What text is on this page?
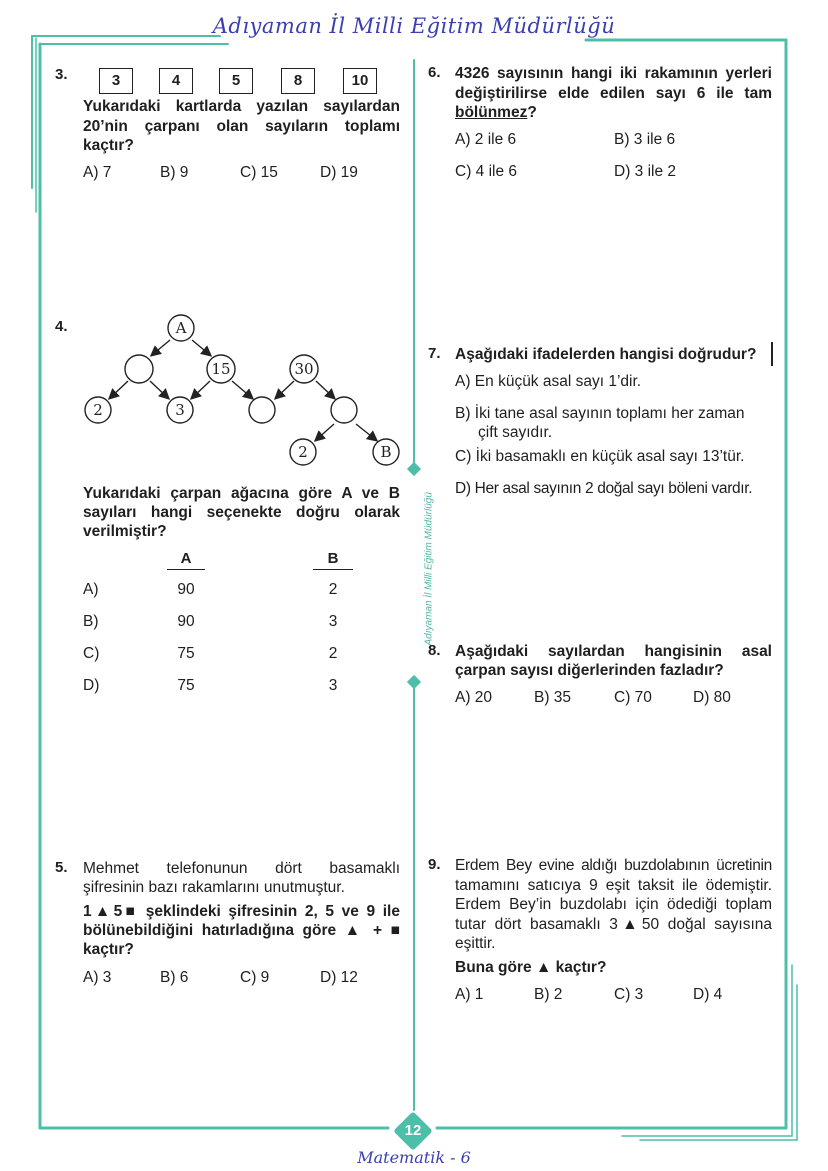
Adıyaman İl Milli Eğitim Müdürlüğü
Adıyaman İl Milli Eğitim Müdürlüğü
3.	3	4	5	8	10
Yukarıdaki kartlarda yazılan sayılardan
20’nin çarpanı olan sayıların toplamı
kaçtır?
A) 7	B) 9	C) 15	D) 19
4.	A
15	30
2	3
2	B
Yukarıdaki çarpan ağacına göre A ve B
sayıları hangi seçenekte doğru olarak
verilmiştir?
A	B
A)	90	2
B)	90	3
C)	75	2
D)	75	3
5. Mehmet telefonunun dört basamaklı
şifresinin bazı rakamlarını unutmuştur.
1▲5■ şeklindeki şifresinin 2, 5 ve 9 ile
bölünebildiğini hatırladığına göre ▲ + ■
kaçtır?
A) 3	B) 6	C) 9	D) 12
6. 4326 sayısının hangi iki rakamının yerleri
değiştirilirse elde edilen sayı 6 ile tam
bölünmez?
A) 2 ile 6	B) 3 ile 6
C) 4 ile 6	D) 3 ile 2
7. Aşağıdaki ifadelerden hangisi doğrudur?
A) En küçük asal sayı 1’dir.
B) İki tane asal sayının toplamı her zaman
çift sayıdır.
C) İki basamaklı en küçük asal sayı 13’tür.
D) Her asal sayının 2 doğal sayı böleni vardır.
8. Aşağıdaki sayılardan hangisinin asal
çarpan sayısı diğerlerinden fazladır?
A) 20	B) 35	C) 70	D) 80
9. Erdem Bey evine aldığı buzdolabının ücretinin
tamamını satıcıya 9 eşit taksit ile ödemiştir.
Erdem Bey’in buzdolabı için ödediği toplam
tutar dört basamaklı 3▲50 doğal sayısına
eşittir.
Buna göre ▲ kaçtır?
A) 1	B) 2	C) 3	D) 4
12
Matematik - 6
